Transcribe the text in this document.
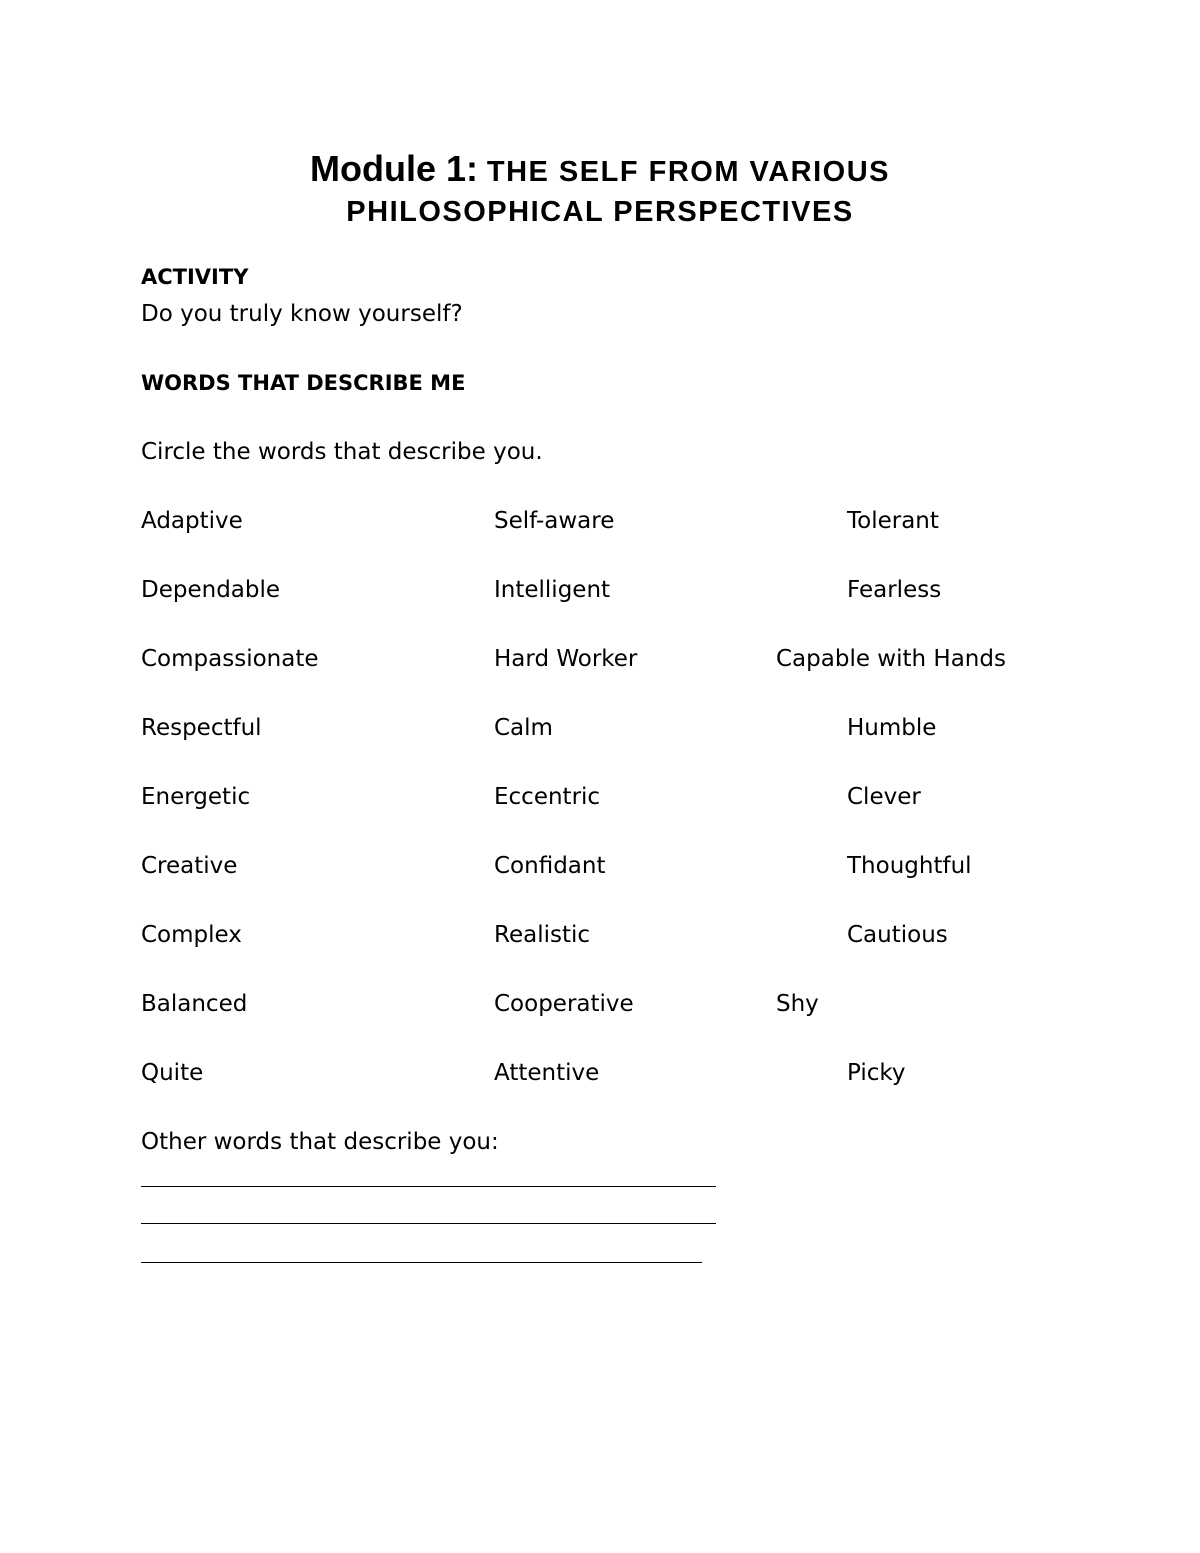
Module 1: THE SELF FROM VARIOUS
PHILOSOPHICAL PERSPECTIVES
ACTIVITY
Do you truly know yourself?
WORDS THAT DESCRIBE ME
Circle the words that describe you.
Adaptive	Self-aware	Tolerant
Dependable	Intelligent	Fearless
Compassionate	Hard Worker	Capable with Hands
Respectful	Calm	Humble
Energetic	Eccentric	Clever
Creative	Confidant	Thoughtful
Complex	Realistic	Cautious
Balanced	Cooperative	Shy
Quite	Attentive	Picky
Other words that describe you:
